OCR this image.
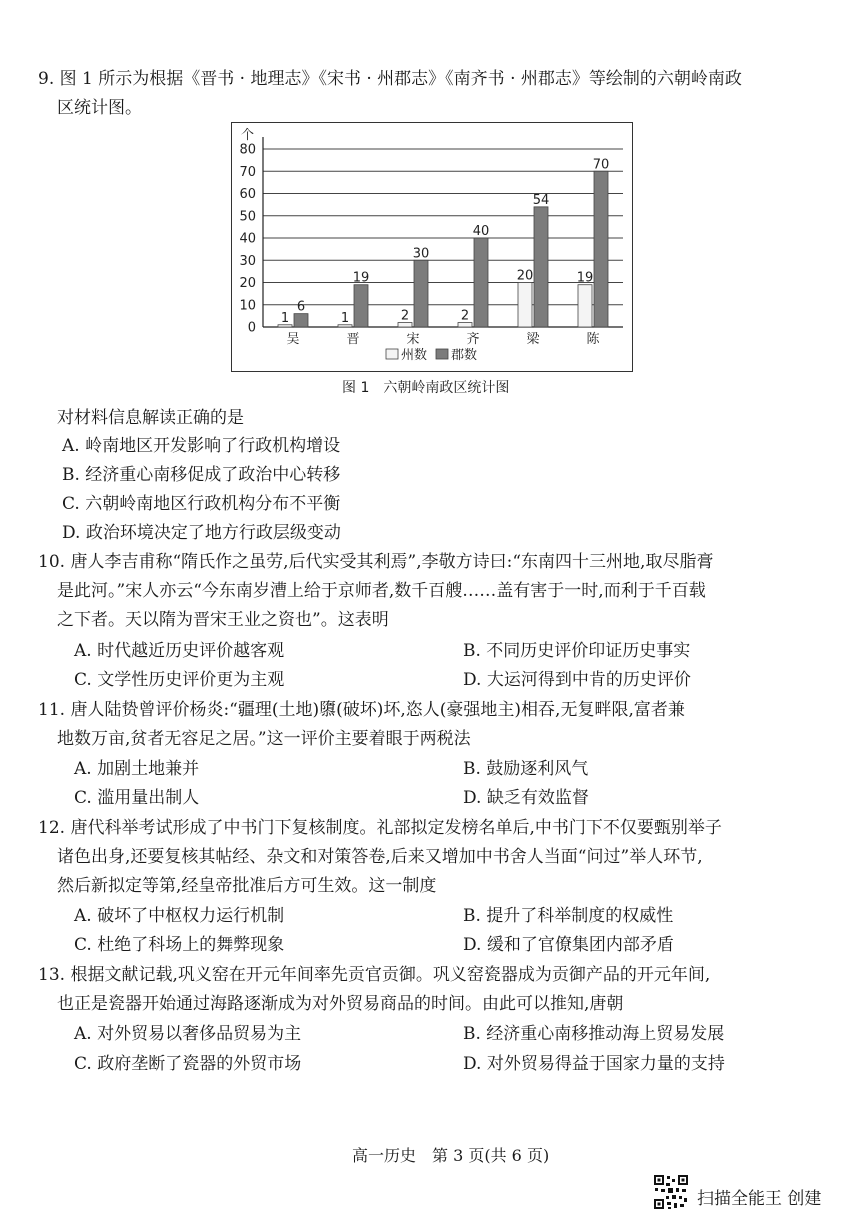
9. 图 1 所示为根据《晋书 · 地理志》《宋书 · 州郡志》《南齐书 · 州郡志》等绘制的六朝岭南政
区统计图。
个
0
10
20
30
40
50
60
70
80
1
6
1
19
2
30
2
40
20
54
19
70
吴	晋	宋	齐	梁	陈
州数 郡数
图 1　六朝岭南政区统计图
对材料信息解读正确的是
A. 岭南地区开发影响了行政机构增设
B. 经济重心南移促成了政治中心转移
C. 六朝岭南地区行政机构分布不平衡
D. 政治环境决定了地方行政层级变动
10. 唐人李吉甫称“隋氏作之虽劳,后代实受其利焉”,李敬方诗曰:“东南四十三州地,取尽脂膏
是此河。”宋人亦云“今东南岁漕上给于京师者,数千百艘……盖有害于一时,而利于千百载
之下者。天以隋为晋宋王业之资也”。这表明
A. 时代越近历史评价越客观	B. 不同历史评价印证历史事实
C. 文学性历史评价更为主观	D. 大运河得到中肯的历史评价
11. 唐人陆贽曾评价杨炎:“疆理(土地)隳(破坏)坏,恣人(豪强地主)相吞,无复畔限,富者兼
地数万亩,贫者无容足之居。”这一评价主要着眼于两税法
A. 加剧土地兼并	B. 鼓励逐利风气
C. 滥用量出制人	D. 缺乏有效监督
12. 唐代科举考试形成了中书门下复核制度。礼部拟定发榜名单后,中书门下不仅要甄别举子
诸色出身,还要复核其帖经、杂文和对策答卷,后来又增加中书舍人当面“问过”举人环节,
然后新拟定等第,经皇帝批准后方可生效。这一制度
A. 破坏了中枢权力运行机制	B. 提升了科举制度的权威性
C. 杜绝了科场上的舞弊现象	D. 缓和了官僚集团内部矛盾
13. 根据文献记载,巩义窑在开元年间率先贡官贡御。巩义窑瓷器成为贡御产品的开元年间,
也正是瓷器开始通过海路逐渐成为对外贸易商品的时间。由此可以推知,唐朝
A. 对外贸易以奢侈品贸易为主	B. 经济重心南移推动海上贸易发展
C. 政府垄断了瓷器的外贸市场	D. 对外贸易得益于国家力量的支持
高一历史　第 3 页(共 6 页)
扫描全能王 创建
